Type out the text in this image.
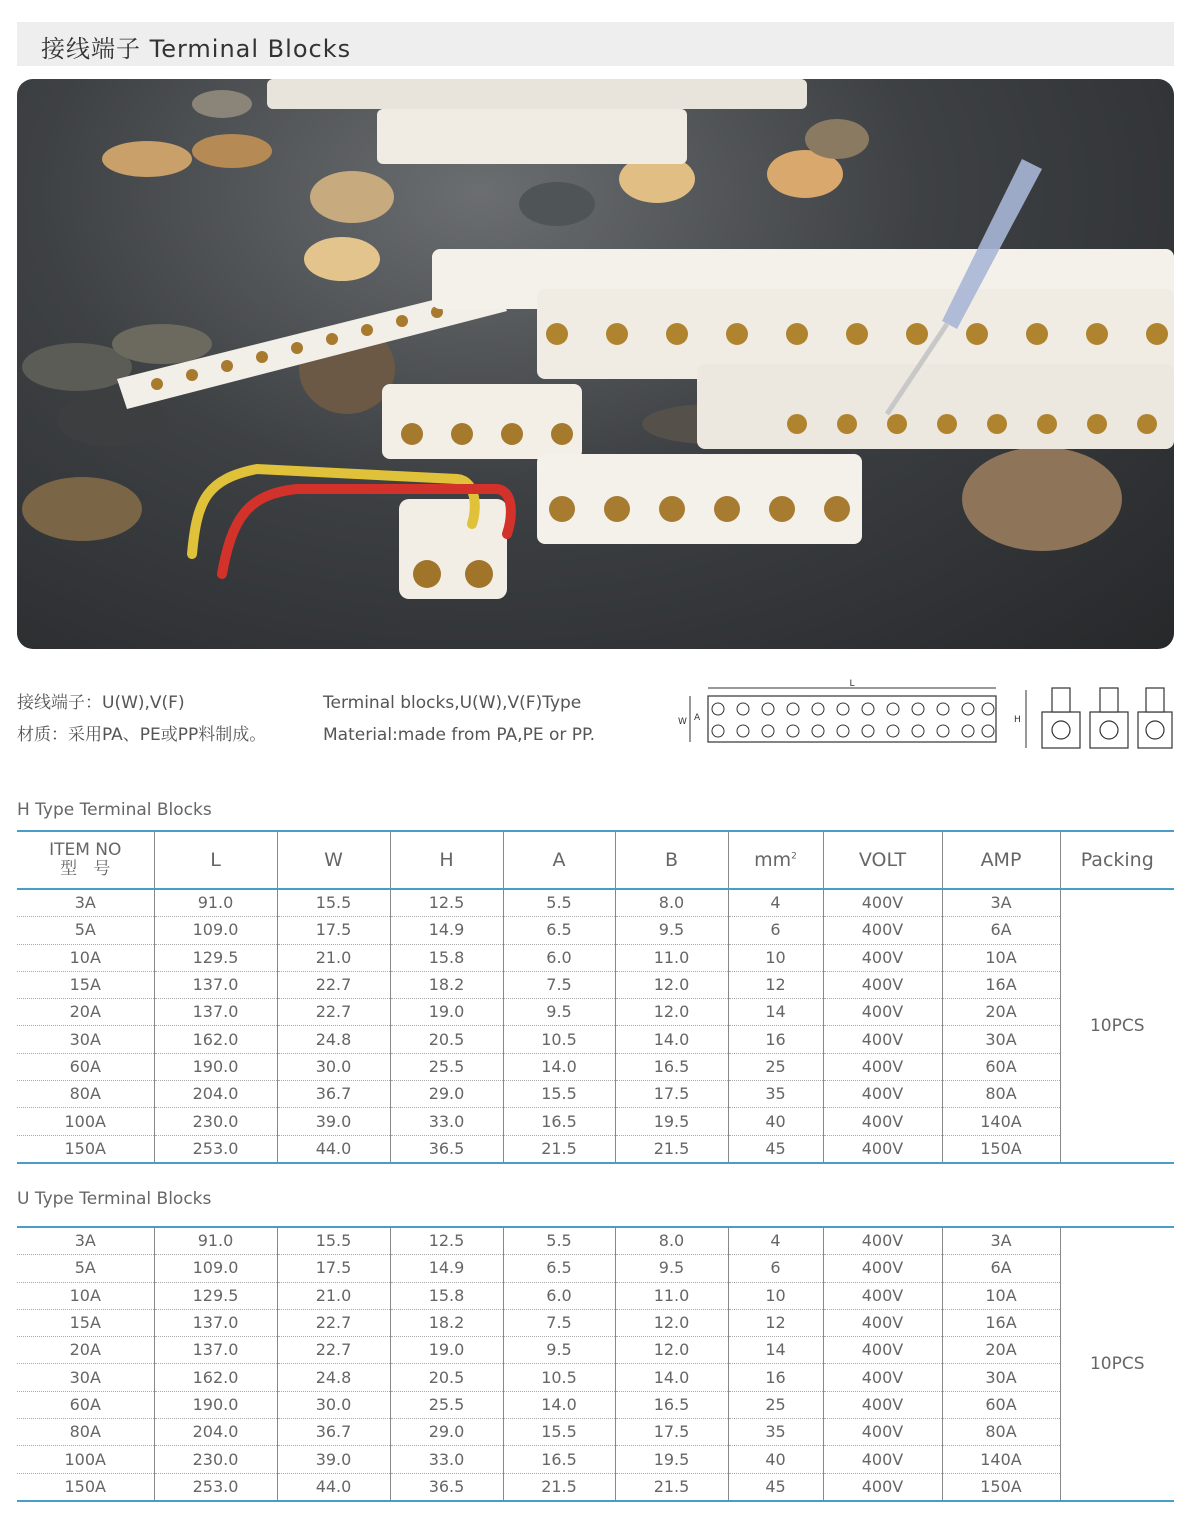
接线端子 Terminal Blocks
接线端子：U(W),V(F)
材质：采用PA、PE或PP料制成。
Terminal blocks,U(W),V(F)Type
Material:made from PA,PE or PP.
L
W A	H
H Type Terminal Blocks
ITEM NO
型   号	L	W	H	A	B	$mm^2$	VOLT	AMP	Packing
3A	91.0	15.5	12.5	5.5	8.0	4	400V	3A	10PCS
5A	109.0	17.5	14.9	6.5	9.5	6	400V	6A	
10A	129.5	21.0	15.8	6.0	11.0	10	400V	10A	
15A	137.0	22.7	18.2	7.5	12.0	12	400V	16A	
20A	137.0	22.7	19.0	9.5	12.0	14	400V	20A	
30A	162.0	24.8	20.5	10.5	14.0	16	400V	30A	
60A	190.0	30.0	25.5	14.0	16.5	25	400V	60A	
80A	204.0	36.7	29.0	15.5	17.5	35	400V	80A	
100A	230.0	39.0	33.0	16.5	19.5	40	400V	140A	
150A	253.0	44.0	36.5	21.5	21.5	45	400V	150A	
U Type Terminal Blocks
3A	91.0	15.5	12.5	5.5	8.0	4	400V	3A	10PCS
5A	109.0	17.5	14.9	6.5	9.5	6	400V	6A	
10A	129.5	21.0	15.8	6.0	11.0	10	400V	10A	
15A	137.0	22.7	18.2	7.5	12.0	12	400V	16A	
20A	137.0	22.7	19.0	9.5	12.0	14	400V	20A	
30A	162.0	24.8	20.5	10.5	14.0	16	400V	30A	
60A	190.0	30.0	25.5	14.0	16.5	25	400V	60A	
80A	204.0	36.7	29.0	15.5	17.5	35	400V	80A	
100A	230.0	39.0	33.0	16.5	19.5	40	400V	140A	
150A	253.0	44.0	36.5	21.5	21.5	45	400V	150A	
